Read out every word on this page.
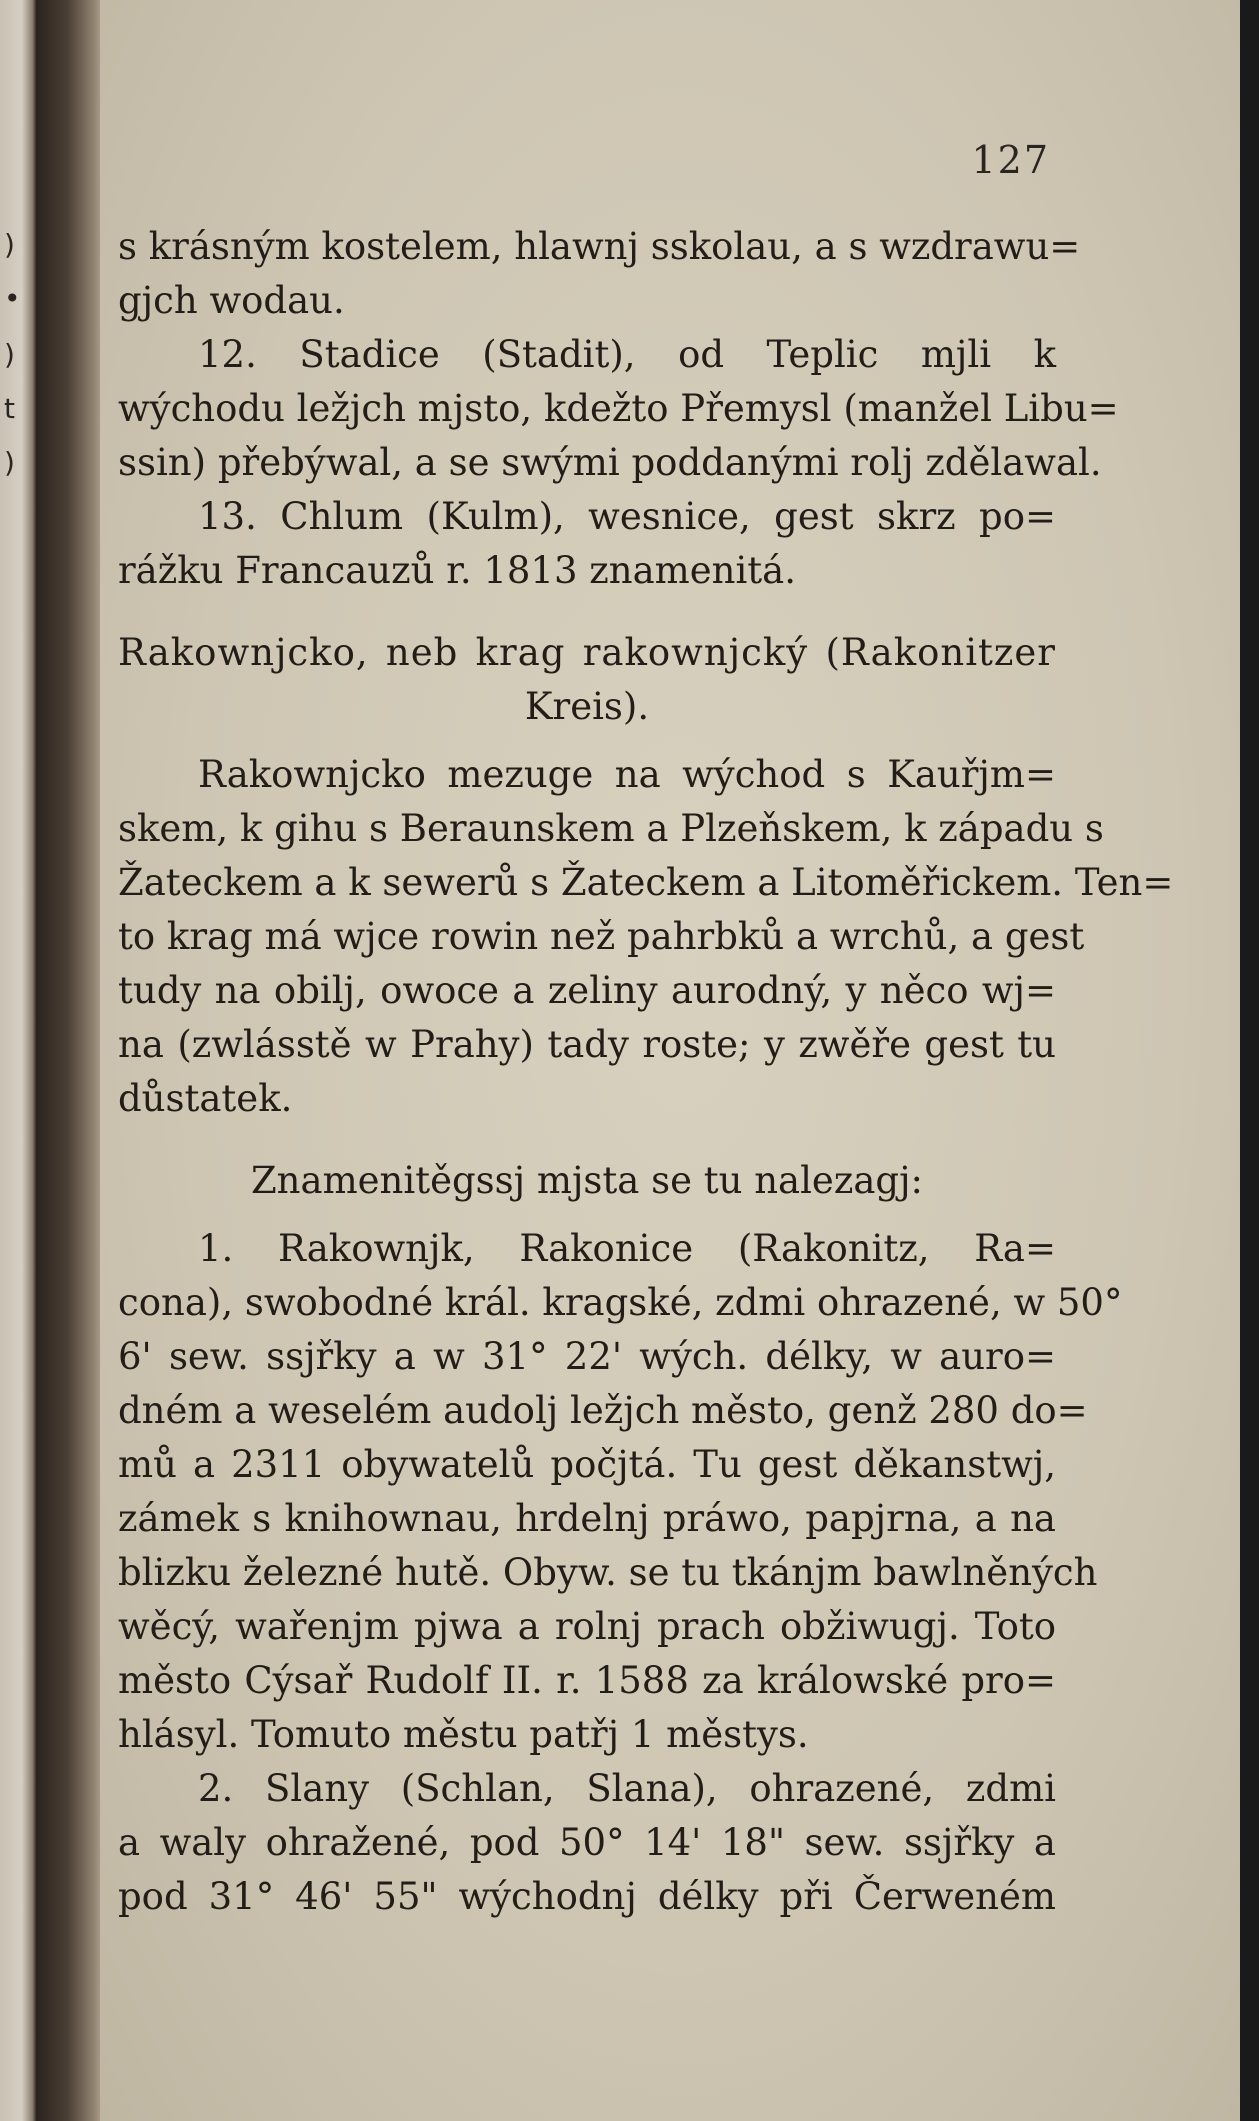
)
•
)
t
)
127
s krásným kostelem, hlawnj sskolau, a s wzdrawu=
gjch wodau.
12. Stadice (Stadit), od Teplic mjli k
wýchodu ležjch mjsto, kdežto Přemysl (manžel Libu=
ssin) přebýwal, a se swými poddanými rolj zdělawal.
13. Chlum (Kulm), wesnice, gest skrz po=
rážku Francauzů r. 1813 znamenitá.
Rakownjcko, neb krag rakownjcký (Rakonitzer
Kreis).
Rakownjcko mezuge na wýchod s Kauřjm=
skem, k gihu s Beraunskem a Plzeňskem, k západu s
Žateckem a k sewerů s Žateckem a Litoměřickem. Ten=
to krag má wjce rowin než pahrbků a wrchů, a gest
tudy na obilj, owoce a zeliny aurodný, y něco wj=
na (zwlásstě w Prahy) tady roste; y zwěře gest tu
důstatek.
Znamenitěgssj mjsta se tu nalezagj:
1. Rakownjk, Rakonice (Rakonitz, Ra=
cona), swobodné král. kragské, zdmi ohrazené, w 50°
6' sew. ssjřky a w 31° 22' wých. délky, w auro=
dném a weselém audolj ležjch město, genž 280 do=
mů a 2311 obywatelů počjtá. Tu gest děkanstwj,
zámek s knihownau, hrdelnj práwo, papjrna, a na
blizku železné hutě. Obyw. se tu tkánjm bawlněných
wěcý, wařenjm pjwa a rolnj prach obžiwugj. Toto
město Cýsař Rudolf II. r. 1588 za králowské pro=
hlásyl. Tomuto městu patřj 1 městys.
2. Slany (Schlan, Slana), ohrazené, zdmi
a waly ohražené, pod 50° 14' 18" sew. ssjřky a
pod 31° 46' 55" wýchodnj délky při Čerweném
